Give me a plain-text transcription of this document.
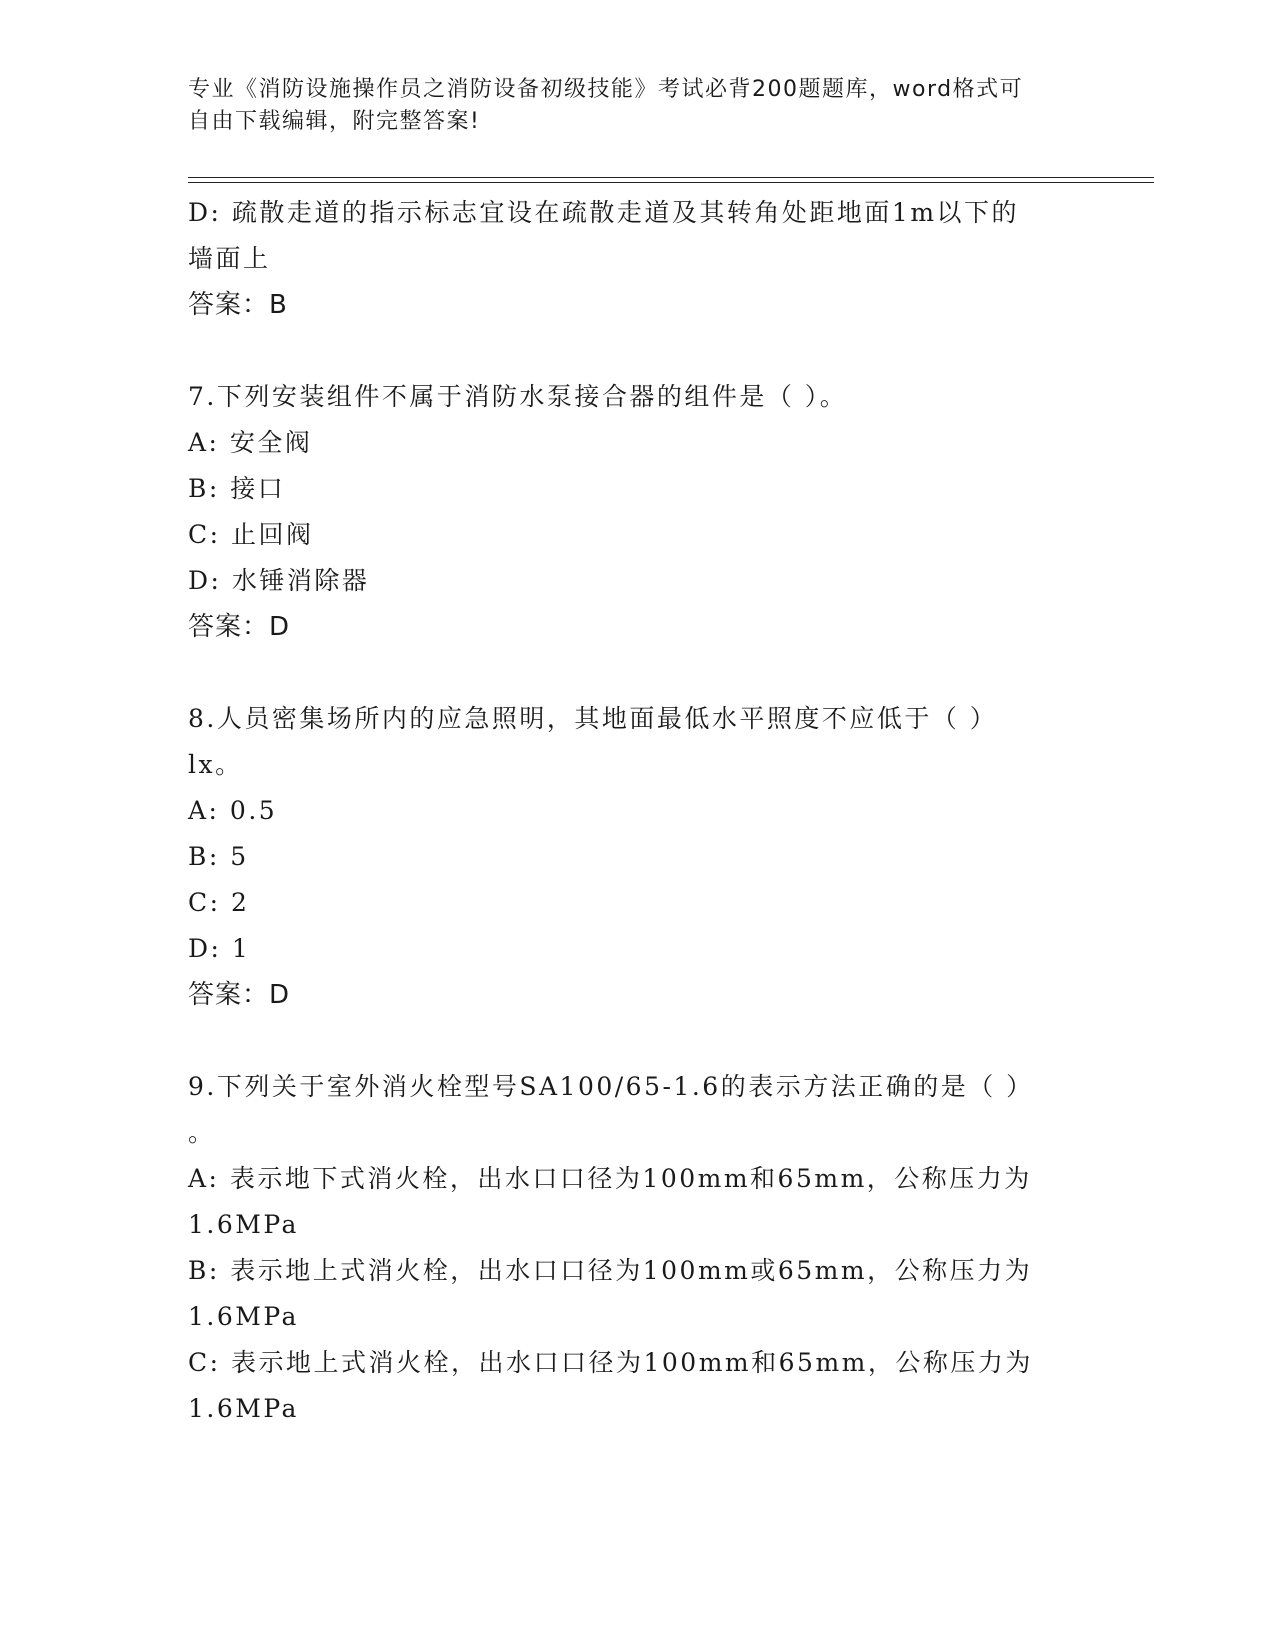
专业《消防设施操作员之消防设备初级技能》考试必背200题题库，word格式可
自由下载编辑，附完整答案!
D: 疏散走道的指示标志宜设在疏散走道及其转角处距地面1m以下的
墙面上
答案：B
7.下列安装组件不属于消防水泵接合器的组件是（ ）。
A: 安全阀
B: 接口
C: 止回阀
D: 水锤消除器
答案：D
8.人员密集场所内的应急照明，其地面最低水平照度不应低于（ ）
lx。
A: 0.5
B: 5
C: 2
D: 1
答案：D
9.下列关于室外消火栓型号SA100/65-1.6的表示方法正确的是（ ）
。
A: 表示地下式消火栓，出水口口径为100mm和65mm，公称压力为
1.6MPa
B: 表示地上式消火栓，出水口口径为100mm或65mm，公称压力为
1.6MPa
C: 表示地上式消火栓，出水口口径为100mm和65mm，公称压力为
1.6MPa
